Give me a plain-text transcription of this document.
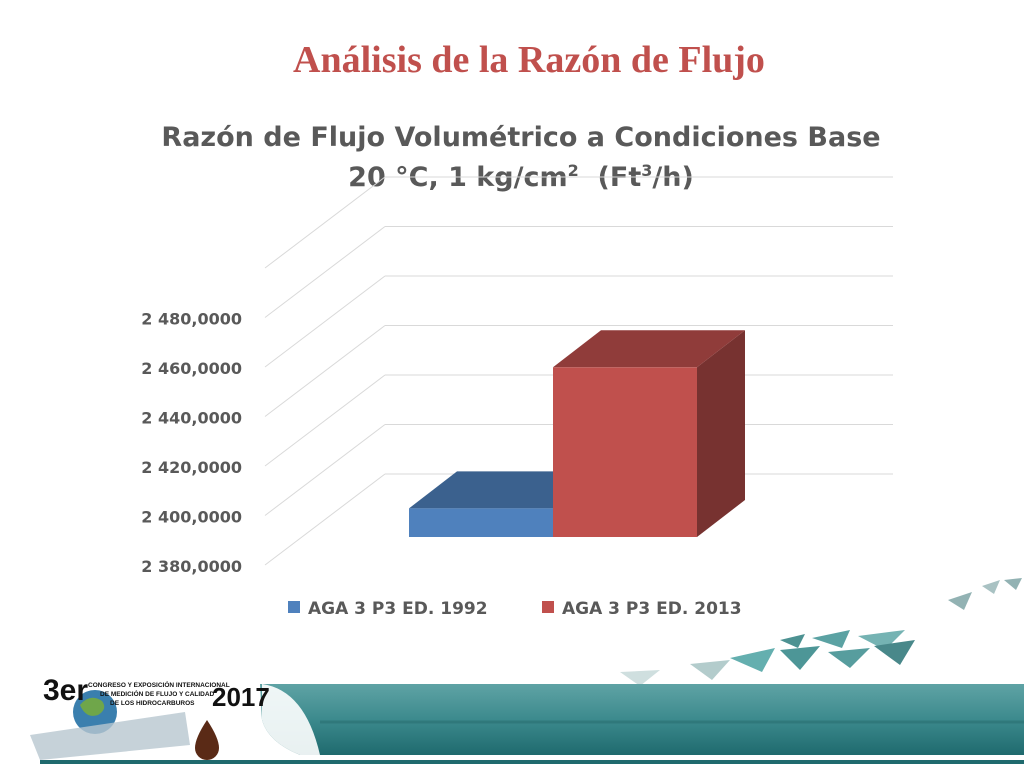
Análisis de la Razón de Flujo
Razón de Flujo Volumétrico a Condiciones Base
20 °C, 1 $kg/cm^2$  (Ft$^3$/h)
2 380,0000
2 400,0000
2 420,0000
2 440,0000
2 460,0000
2 480,0000
AGA 3 P3 ED. 1992	AGA 3 P3 ED. 2013
3er CONGRESO Y EXPOSICIÓN INTERNACIONAL
DE MEDICIÓN DE FLUJO Y CALIDAD
DE LOS HIDROCARBUROS 2017
